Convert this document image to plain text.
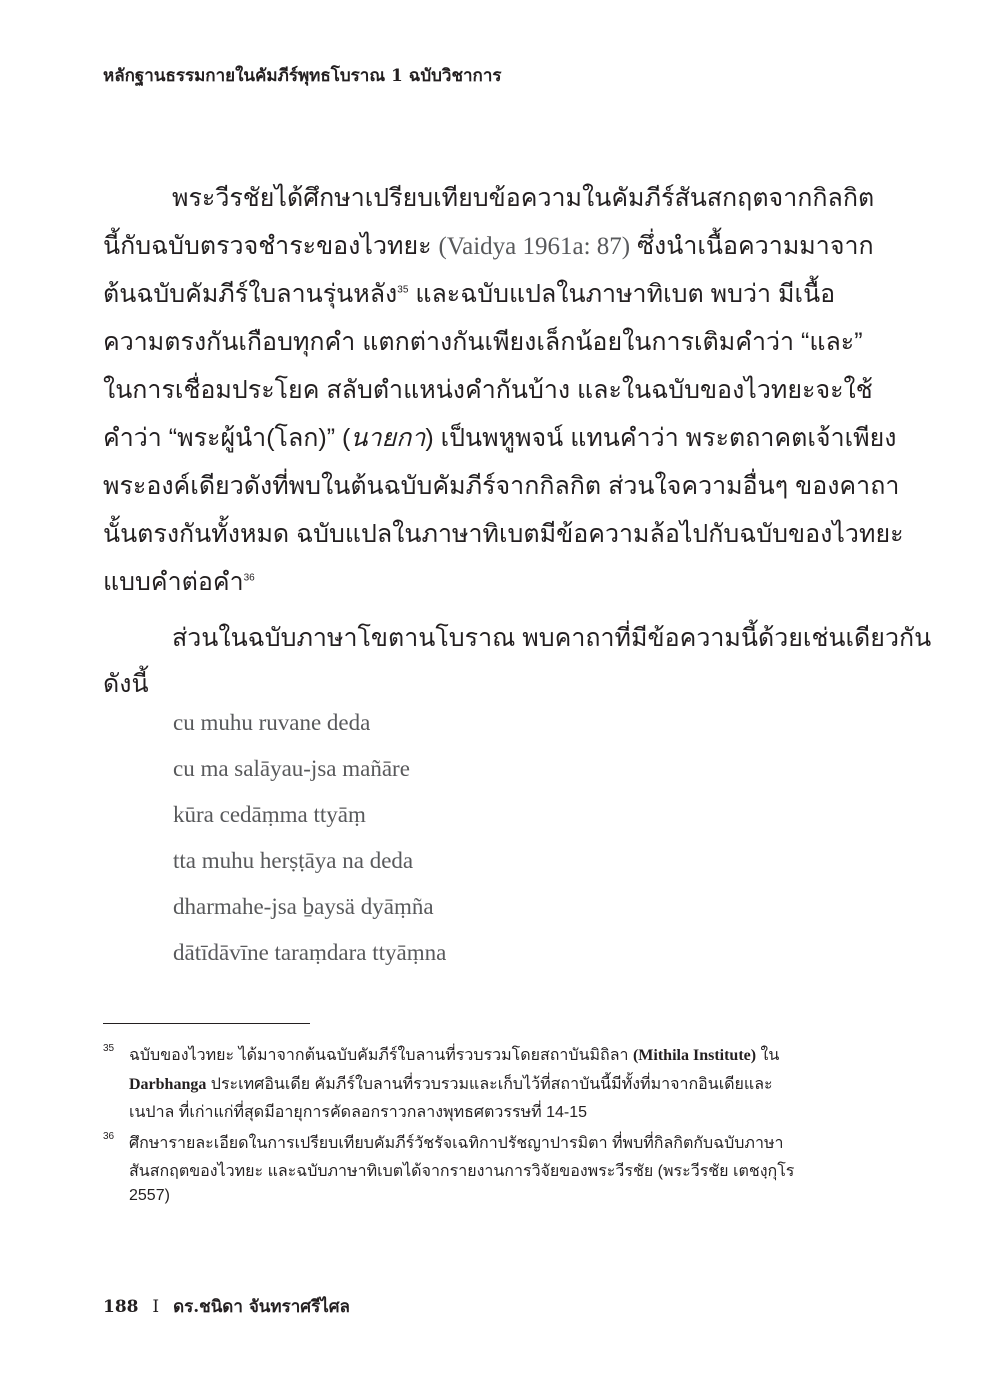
หลักฐานธรรมกายในคัมภีร์พุทธโบราณ 1 ฉบับวิชาการ
พระวีรชัยได้ศึกษาเปรียบเทียบข้อความในคัมภีร์สันสกฤตจากกิลกิต
นี้กับฉบับตรวจชำระของไวทยะ (Vaidya 1961a: 87) ซึ่งนำเนื้อความมาจาก
ต้นฉบับคัมภีร์ใบลานรุ่นหลัง$^{35}$ และฉบับแปลในภาษาทิเบต พบว่า มีเนื้อ
ความตรงกันเกือบทุกคำ แตกต่างกันเพียงเล็กน้อยในการเติมคำว่า “และ”
ในการเชื่อมประโยค สลับตำแหน่งคำกันบ้าง และในฉบับของไวทยะจะใช้
คำว่า “พระผู้นำ(โลก)” (นายกา) เป็นพหูพจน์ แทนคำว่า พระตถาคตเจ้าเพียง
พระองค์เดียวดังที่พบในต้นฉบับคัมภีร์จากกิลกิต ส่วนใจความอื่นๆ ของคาถา
นั้นตรงกันทั้งหมด ฉบับแปลในภาษาทิเบตมีข้อความล้อไปกับฉบับของไวทยะ
แบบคำต่อคำ$^{36}$
ส่วนในฉบับภาษาโขตานโบราณ พบคาถาที่มีข้อความนี้ด้วยเช่นเดียวกัน
ดังนี้
cu muhu ruvane deda
cu ma salāyau-jsa mañāre
kūra cedāṃma ttyāṃ
tta muhu herṣṭāya na deda
dharmahe-jsa ḇaysä dyāṃña
dātīdāvīne taraṃdara ttyāṃna
35 ฉบับของไวทยะ ได้มาจากต้นฉบับคัมภีร์ใบลานที่รวบรวมโดยสถาบันมิถิลา (Mithila Institute) ใน
Darbhanga ประเทศอินเดีย คัมภีร์ใบลานที่รวบรวมและเก็บไว้ที่สถาบันนี้มีทั้งที่มาจากอินเดียและ
เนปาล ที่เก่าแก่ที่สุดมีอายุการคัดลอกราวกลางพุทธศตวรรษที่ 14-15
36 ศึกษารายละเอียดในการเปรียบเทียบคัมภีร์วัชรัจเฉทิกาปรัชญาปารมิตา ที่พบที่กิลกิตกับฉบับภาษา
สันสกฤตของไวทยะ และฉบับภาษาทิเบตได้จากรายงานการวิจัยของพระวีรชัย (พระวีรชัย เตชงฺกุโร
2557)
188 I ดร.ชนิดา จันทราศรีไศล
